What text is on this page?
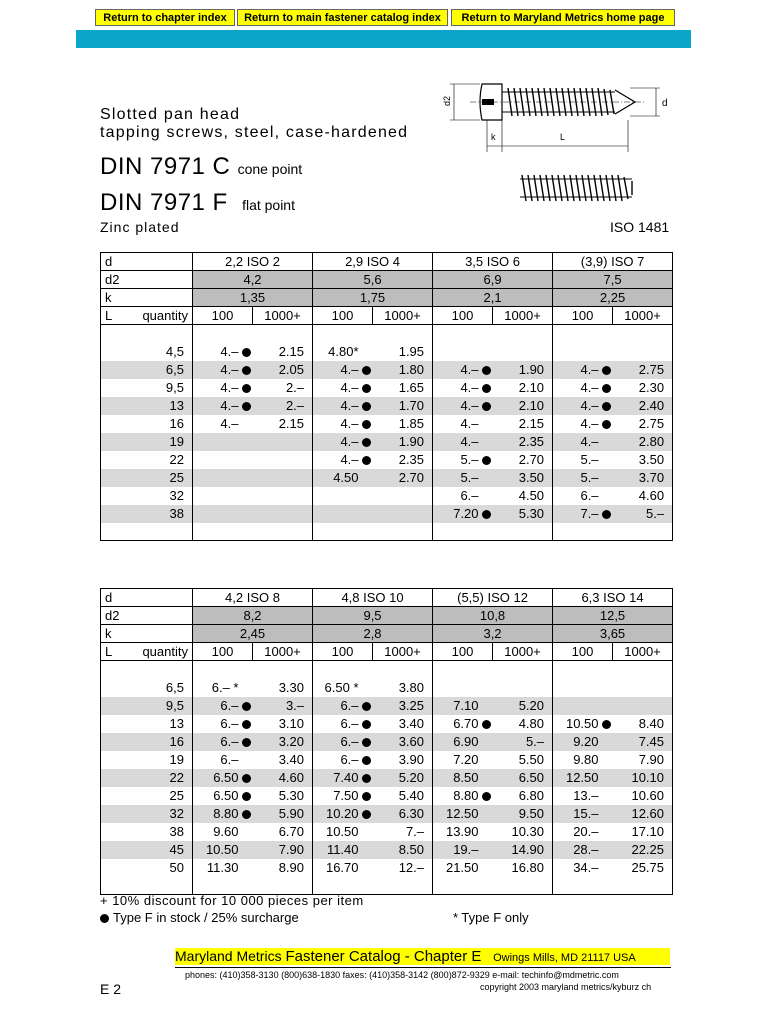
Return to chapter index	Return to main fastener catalog index	Return to Maryland Metrics home page
Slotted pan head
tapping screws, steel, case-hardened
DIN 7971 C cone point
DIN 7971 F flat point
Zinc plated	ISO 1481
d2	d
k	L
d	2,2 ISO 2		2,9 ISO 4		3,5 ISO 6		(3,9) ISO 7	
d2	4,2		5,6		6,9		7,5	
k	1,35		1,75		2,1		2,25	
L quantity	100	1000+	100	1000+	100	1000+	100	1000+

4,5	4.–	2.15	4.80*	1.95				
6,5	4.–	2.05	4.–	1.80	4.–	1.90	4.–	2.75
9,5	4.–	2.–	4.–	1.65	4.–	2.10	4.–	2.30
13	4.–	2.–	4.–	1.70	4.–	2.10	4.–	2.40
16	4.–	2.15	4.–	1.85	4.–	2.15	4.–	2.75
19			4.–	1.90	4.–	2.35	4.–	2.80
22			4.–	2.35	5.–	2.70	5.–	3.50
25			4.50	2.70	5.–	3.50	5.–	3.70
32					6.–	4.50	6.–	4.60
38					7.20	5.30	7.–	5.–

d	4,2 ISO 8		4,8 ISO 10		(5,5) ISO 12		6,3 ISO 14	
d2	8,2		9,5		10,8		12,5	
k	2,45		2,8		3,2		3,65	
L quantity	100	1000+	100	1000+	100	1000+	100	1000+

6,5	6.– *	3.30	6.50 *	3.80				
9,5	6.–	3.–	6.–	3.25	7.10	5.20		
13	6.–	3.10	6.–	3.40	6.70	4.80	10.50	8.40
16	6.–	3.20	6.–	3.60	6.90	5.–	9.20	7.45
19	6.–	3.40	6.–	3.90	7.20	5.50	9.80	7.90
22	6.50	4.60	7.40	5.20	8.50	6.50	12.50	10.10
25	6.50	5.30	7.50	5.40	8.80	6.80	13.–	10.60
32	8.80	5.90	10.20	6.30	12.50	9.50	15.–	12.60
38	9.60	6.70	10.50	7.–	13.90	10.30	20.–	17.10
45	10.50	7.90	11.40	8.50	19.–	14.90	28.–	22.25
50	11.30	8.90	16.70	12.–	21.50	16.80	34.–	25.75

+ 10% discount for 10 000 pieces per item
Type F in stock / 25% surcharge	* Type F only
Maryland Metrics Fastener Catalog - Chapter E Owings Mills, MD 21117 USA
phones: (410)358-3130 (800)638-1830 faxes: (410)358-3142 (800)872-9329 e-mail: techinfo@mdmetric.com
copyright 2003 maryland metrics/kyburz ch
E 2
